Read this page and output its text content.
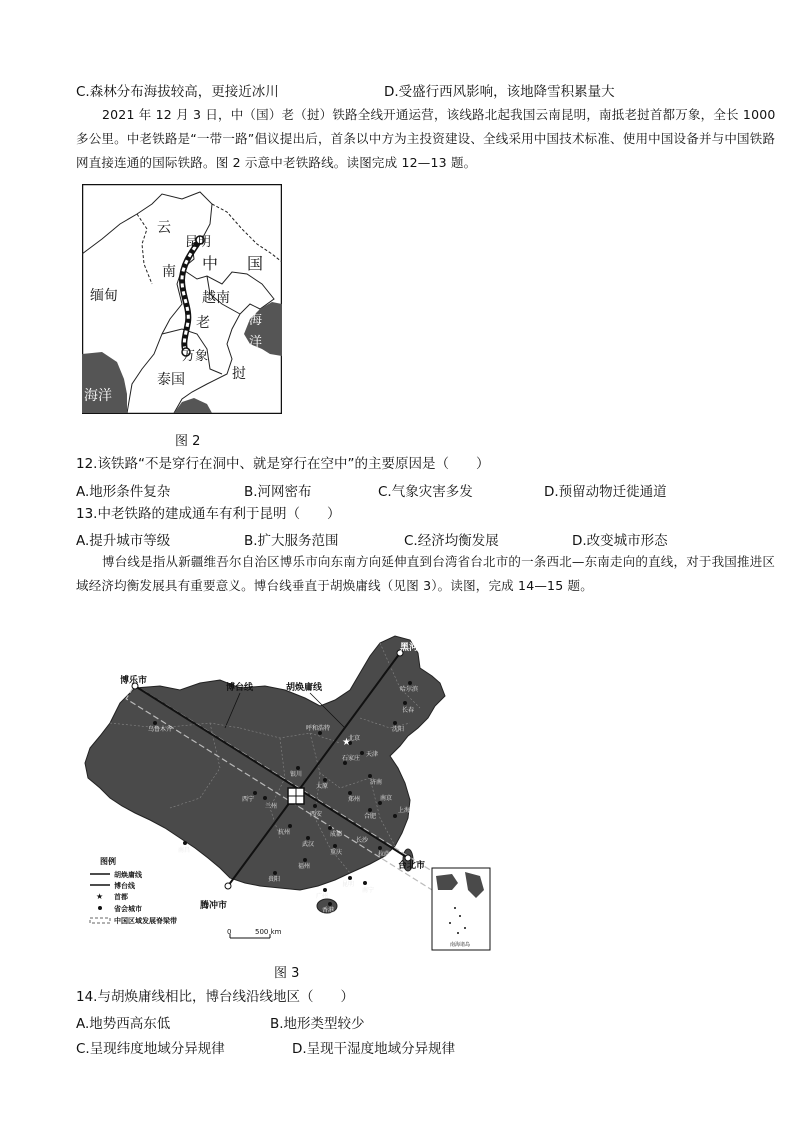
C.森林分布海拔较高，更接近冰川	D.受盛行西风影响，该地降雪积累量大
2021 年 12 月 3 日，中（国）老（挝）铁路全线开通运营，该线路北起我国云南昆明，南抵老挝首都万象，全长 1000 多公里。中老铁路是“一带一路”倡议提出后，首条以中方为主投资建设、全线采用中国技术标准、使用中国设备并与中国铁路网直接连通的国际铁路。图 2 示意中老铁路线。读图完成 12—13 题。
云
昆明
南 中 国
缅甸	越南
老	海
洋
万象
泰国	挝
海洋
图 2
12.该铁路“不是穿行在洞中、就是穿行在空中”的主要原因是（　　）
A.地形条件复杂	B.河网密布	C.气象灾害多发	D.预留动物迁徙通道
13.中老铁路的建成通车有利于昆明（　　）
A.提升城市等级	B.扩大服务范围	C.经济均衡发展	D.改变城市形态
博台线是指从新疆维吾尔自治区博乐市向东南方向延伸直到台湾省台北市的一条西北—东南走向的直线，对于我国推进区域经济均衡发展具有重要意义。博台线垂直于胡焕庸线（见图 3）。读图，完成 14—15 题。
博乐市
黑河市
博台线	胡焕庸线
腾冲市
台北市
★
乌鲁木齐
哈尔滨
长春
沈阳
呼和浩特
北京
天津
银川
石家庄
太原
济南
西宁
兰州
郑州
西安
南京
合肥
上海
杭州	成都
武汉
重庆
长沙
南昌
拉萨
福州
贵阳
昆明
广州
南宁
香港
图例
胡焕庸线
博台线
★ 首都
省会城市
中国区域发展脊梁带
0	500 km
南海诸岛
图 3
14.与胡焕庸线相比，博台线沿线地区（　　）
A.地势西高东低	B.地形类型较少
C.呈现纬度地域分异规律	D.呈现干湿度地域分异规律
